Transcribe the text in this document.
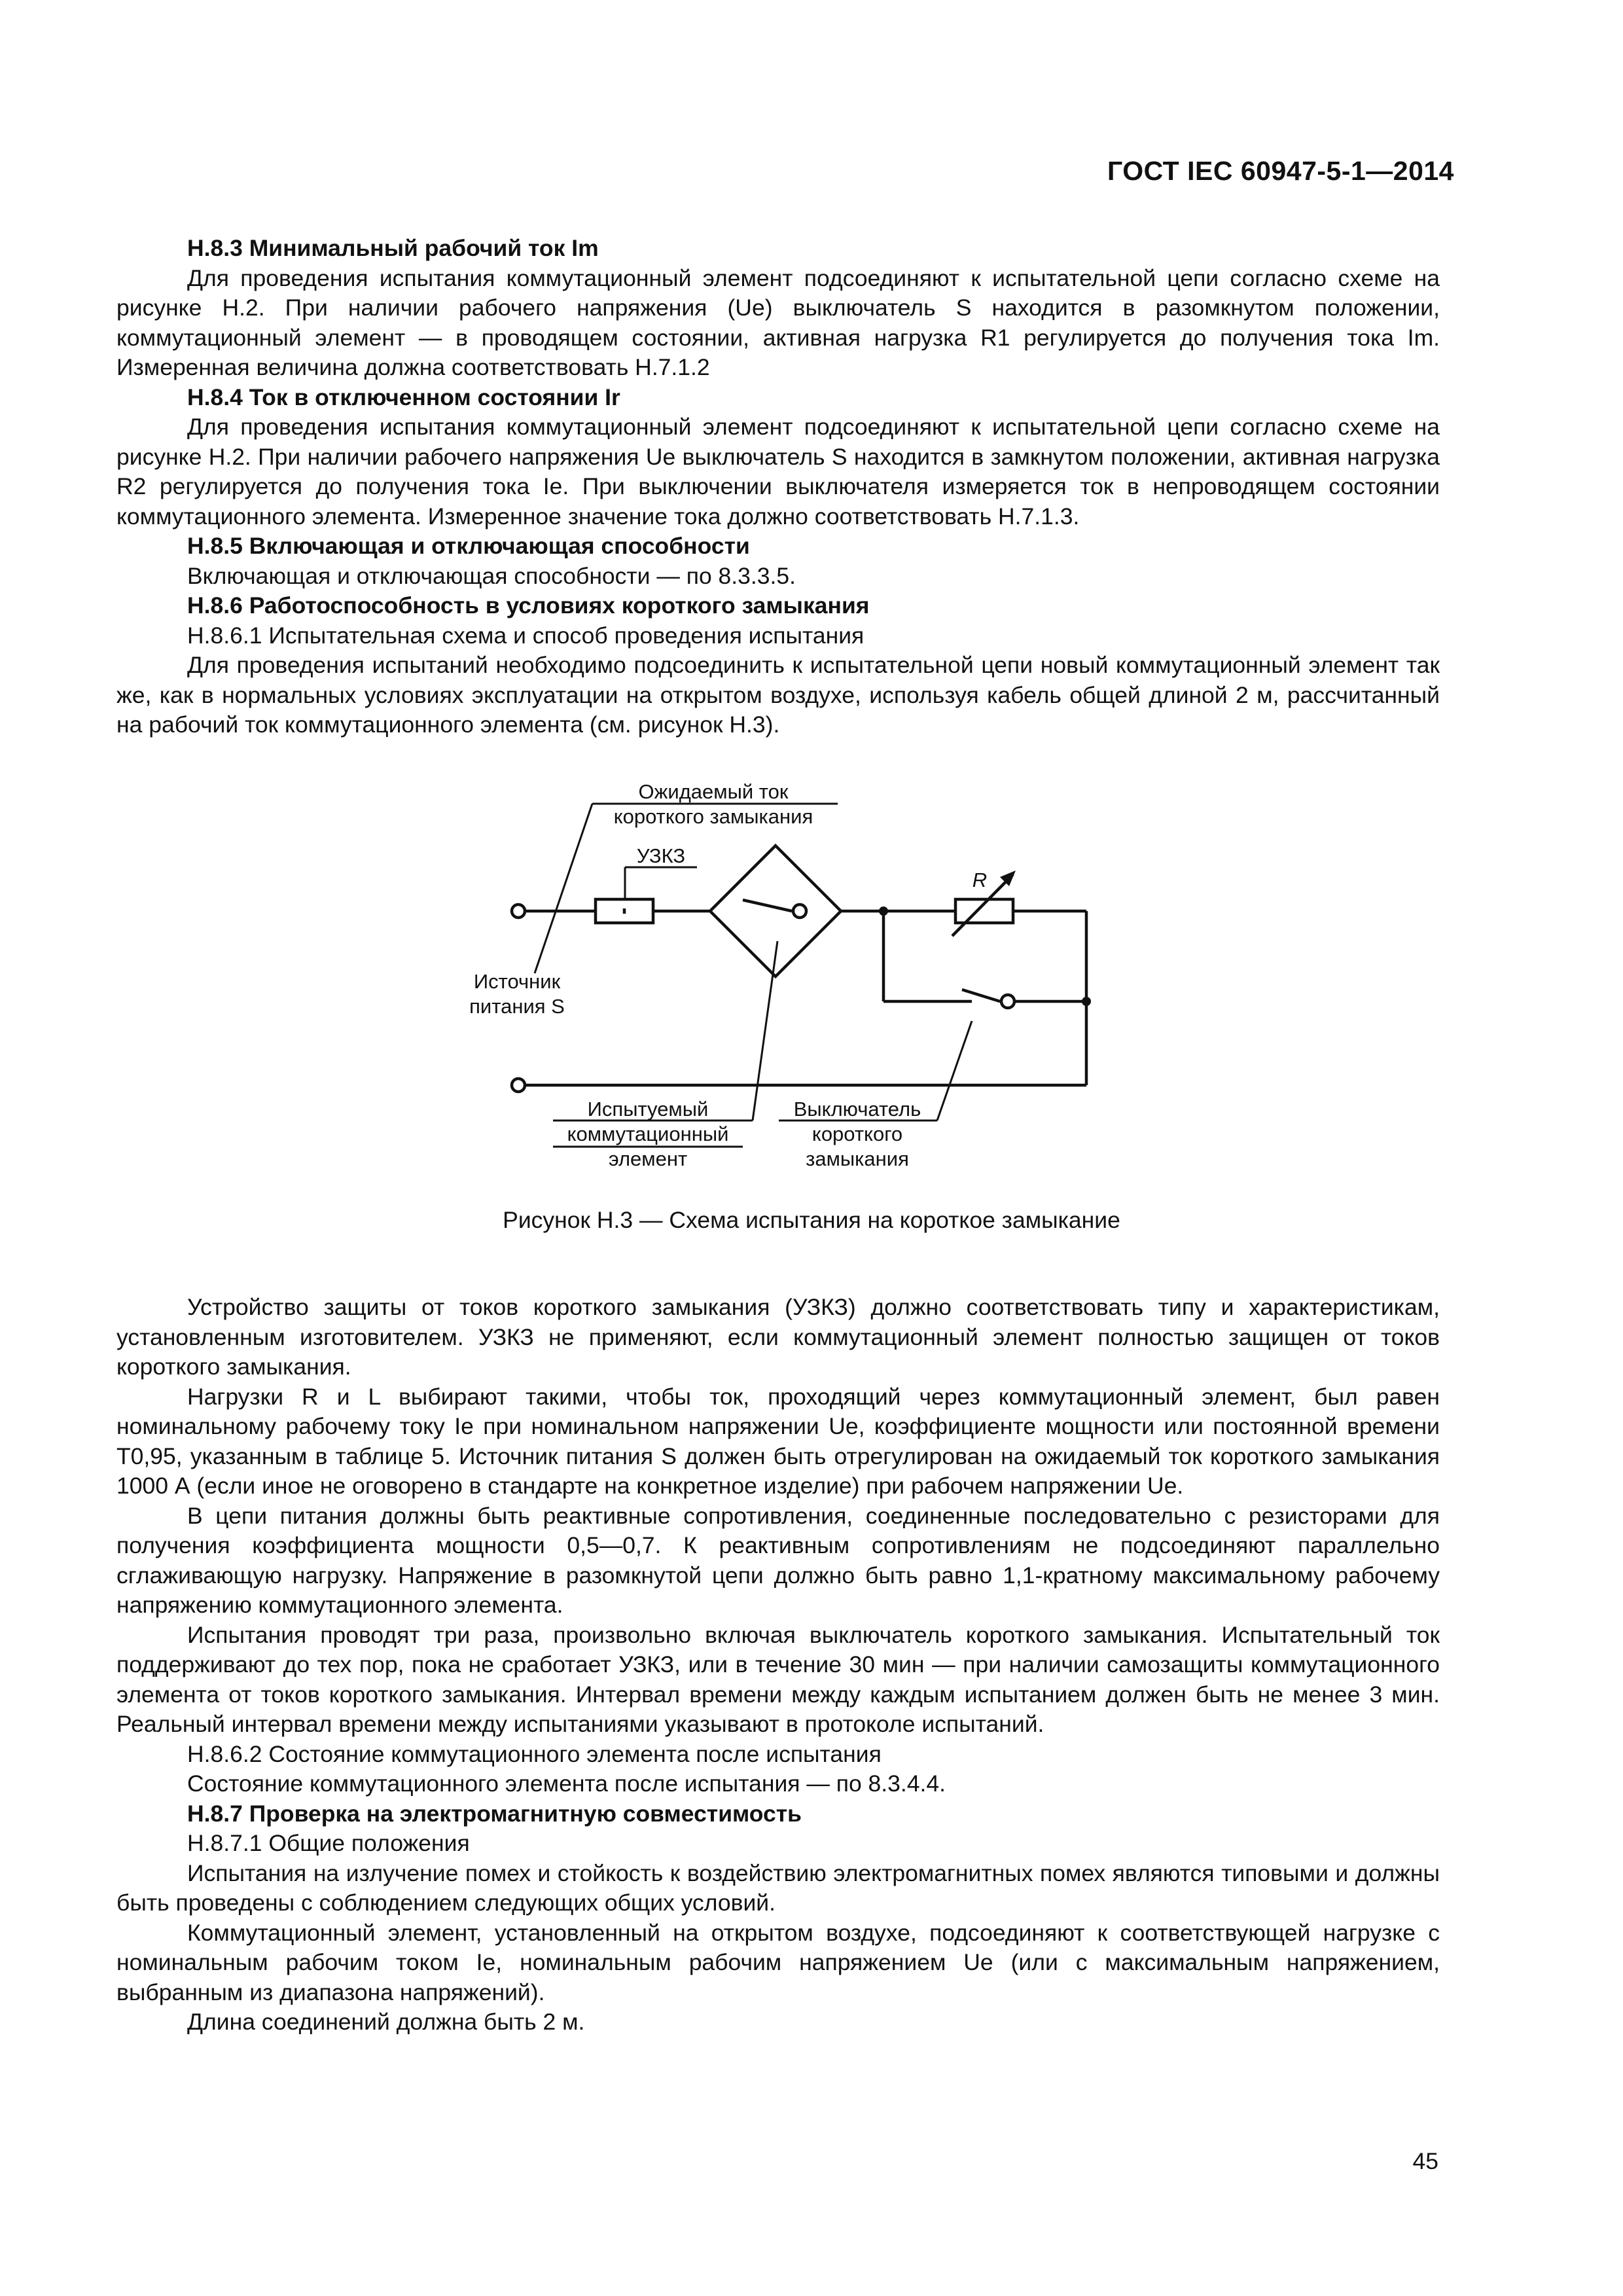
ГОСТ IEC 60947-5-1—2014
Н.8.3 Минимальный рабочий ток Im

Для проведения испытания коммутационный элемент подсоединяют к испытательной цепи согласно схеме на рисунке Н.2. При наличии рабочего напряжения (Ue) выключатель S находится в разомкнутом положении, коммутационный элемент — в проводящем состоянии, активная нагрузка R1 регулируется до получения тока Im. Измеренная величина должна соответствовать Н.7.1.2

Н.8.4 Ток в отключенном состоянии Ir

Для проведения испытания коммутационный элемент подсоединяют к испытательной цепи согласно схеме на рисунке Н.2. При наличии рабочего напряжения Ue выключатель S находится в замкнутом положении, активная нагрузка R2 регулируется до получения тока Ie. При выключении выключателя измеряется ток в непроводящем состоянии коммутационного элемента. Измеренное значение тока должно соответствовать Н.7.1.3.

Н.8.5 Включающая и отключающая способности

Включающая и отключающая способности — по 8.3.3.5.

Н.8.6 Работоспособность в условиях короткого замыкания

Н.8.6.1 Испытательная схема и способ проведения испытания

Для проведения испытаний необходимо подсоединить к испытательной цепи новый коммутационный элемент так же, как в нормальных условиях эксплуатации на открытом воздухе, используя кабель общей длиной 2 м, рассчитанный на рабочий ток коммутационного элемента (см. рисунок Н.3).

Ожидаемый ток
короткого замыкания
УЗКЗ
R
Источник
питания S
Испытуемый
коммутационный
элемент
Выключатель
короткого
замыкания
Рисунок Н.3 — Схема испытания на короткое замыкание

Устройство защиты от токов короткого замыкания (УЗКЗ) должно соответствовать типу и характеристикам, установленным изготовителем. УЗКЗ не применяют, если коммутационный элемент полностью защищен от токов короткого замыкания.

Нагрузки R и L выбирают такими, чтобы ток, проходящий через коммутационный элемент, был равен номинальному рабочему току Ie при номинальном напряжении Ue, коэффициенте мощности или постоянной времени T0,95, указанным в таблице 5. Источник питания S должен быть отрегулирован на ожидаемый ток короткого замыкания 1000 А (если иное не оговорено в стандарте на конкретное изделие) при рабочем напряжении Ue.

В цепи питания должны быть реактивные сопротивления, соединенные последовательно с резисторами для получения коэффициента мощности 0,5—0,7. К реактивным сопротивлениям не подсоединяют параллельно сглаживающую нагрузку. Напряжение в разомкнутой цепи должно быть равно 1,1-кратному максимальному рабочему напряжению коммутационного элемента.

Испытания проводят три раза, произвольно включая выключатель короткого замыкания. Испытательный ток поддерживают до тех пор, пока не сработает УЗКЗ, или в течение 30 мин — при наличии самозащиты коммутационного элемента от токов короткого замыкания. Интервал времени между каждым испытанием должен быть не менее 3 мин. Реальный интервал времени между испытаниями указывают в протоколе испытаний.

Н.8.6.2 Состояние коммутационного элемента после испытания

Состояние коммутационного элемента после испытания — по 8.3.4.4.

Н.8.7 Проверка на электромагнитную совместимость

Н.8.7.1 Общие положения

Испытания на излучение помех и стойкость к воздействию электромагнитных помех являются типовыми и должны быть проведены с соблюдением следующих общих условий.

Коммутационный элемент, установленный на открытом воздухе, подсоединяют к соответствующей нагрузке с номинальным рабочим током Ie, номинальным рабочим напряжением Ue (или с максимальным напряжением, выбранным из диапазона напряжений).

Длина соединений должна быть 2 м.

45
